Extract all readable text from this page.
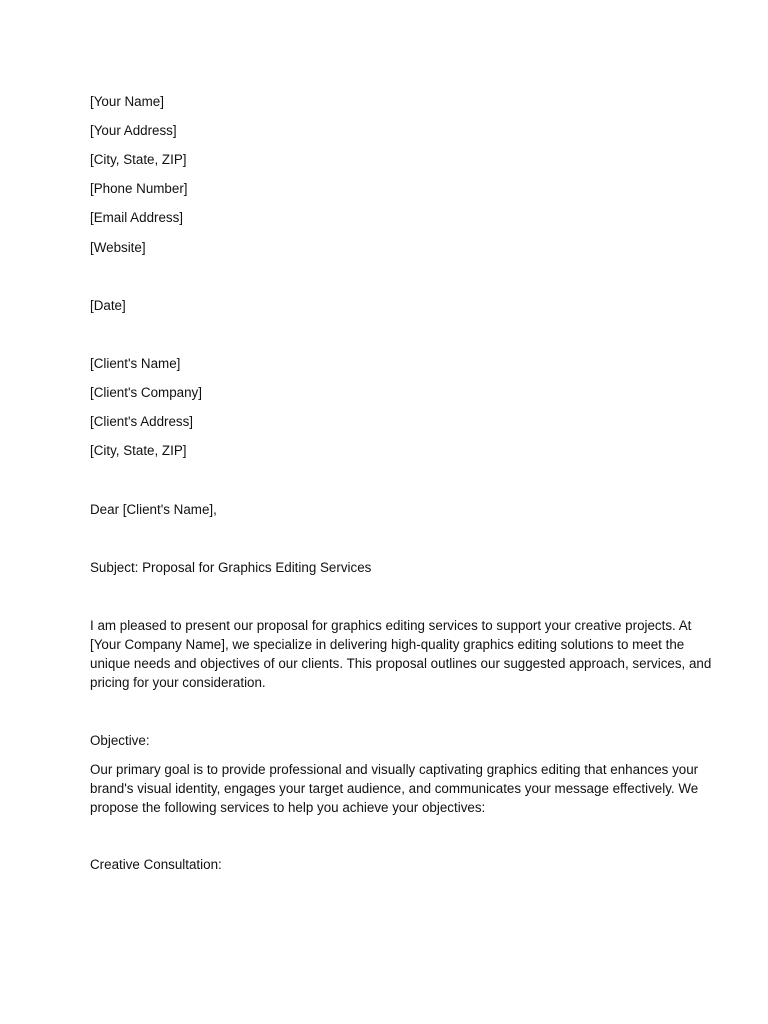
[Your Name]
[Your Address]
[City, State, ZIP]
[Phone Number]
[Email Address]
[Website]
[Date]
[Client's Name]
[Client's Company]
[Client's Address]
[City, State, ZIP]
Dear [Client's Name],
Subject: Proposal for Graphics Editing Services
I am pleased to present our proposal for graphics editing services to support your creative projects. At
[Your Company Name], we specialize in delivering high-quality graphics editing solutions to meet the
unique needs and objectives of our clients. This proposal outlines our suggested approach, services, and
pricing for your consideration.
Objective:
Our primary goal is to provide professional and visually captivating graphics editing that enhances your
brand's visual identity, engages your target audience, and communicates your message effectively. We
propose the following services to help you achieve your objectives:
Creative Consultation:
